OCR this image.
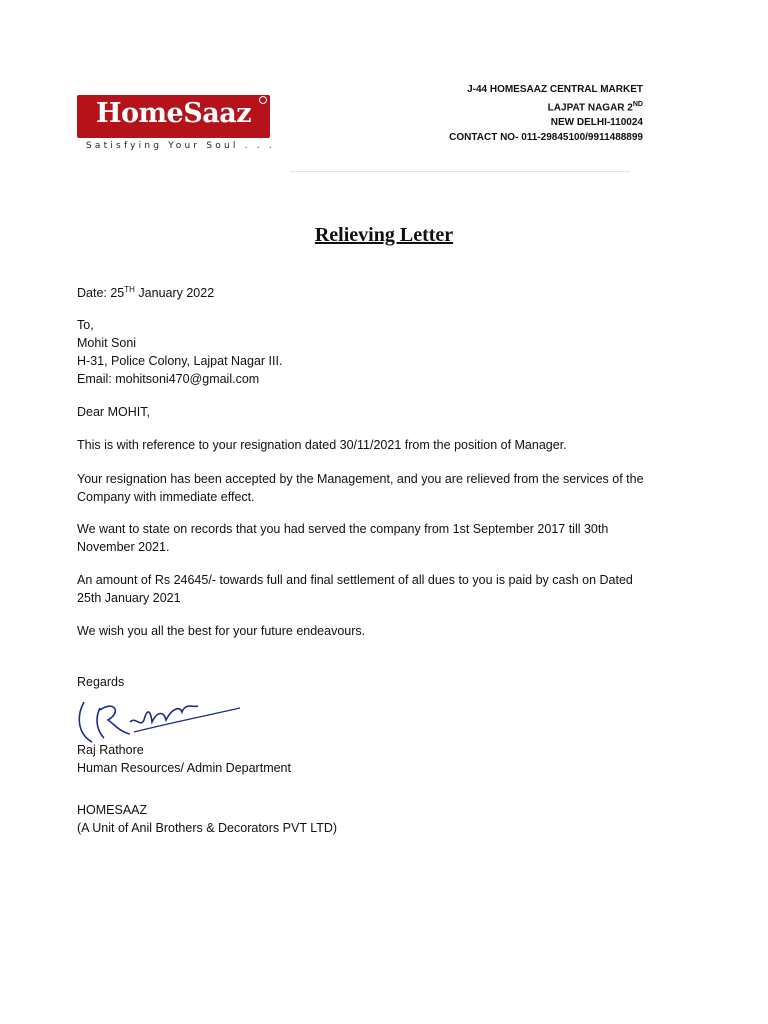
HomeSaaz
Satisfying Your Soul . . .
J-44 HOMESAAZ CENTRAL MARKET
LAJPAT NAGAR 2ND
NEW DELHI-110024
CONTACT NO- 011-29845100/9911488899
Relieving Letter
Date: 25TH January 2022
To,
Mohit Soni
H-31, Police Colony, Lajpat Nagar III.
Email: mohitsoni470@gmail.com
Dear MOHIT,
This is with reference to your resignation dated 30/11/2021 from the position of Manager.
Your resignation has been accepted by the Management, and you are relieved from the services of the Company with immediate effect.
We want to state on records that you had served the company from 1st September 2017 till 30th November 2021.
An amount of Rs 24645/- towards full and final settlement of all dues to you is paid by cash on Dated 25th January 2021
We wish you all the best for your future endeavours.
Regards
Raj Rathore
Human Resources/ Admin Department
HOMESAAZ
(A Unit of Anil Brothers & Decorators PVT LTD)
